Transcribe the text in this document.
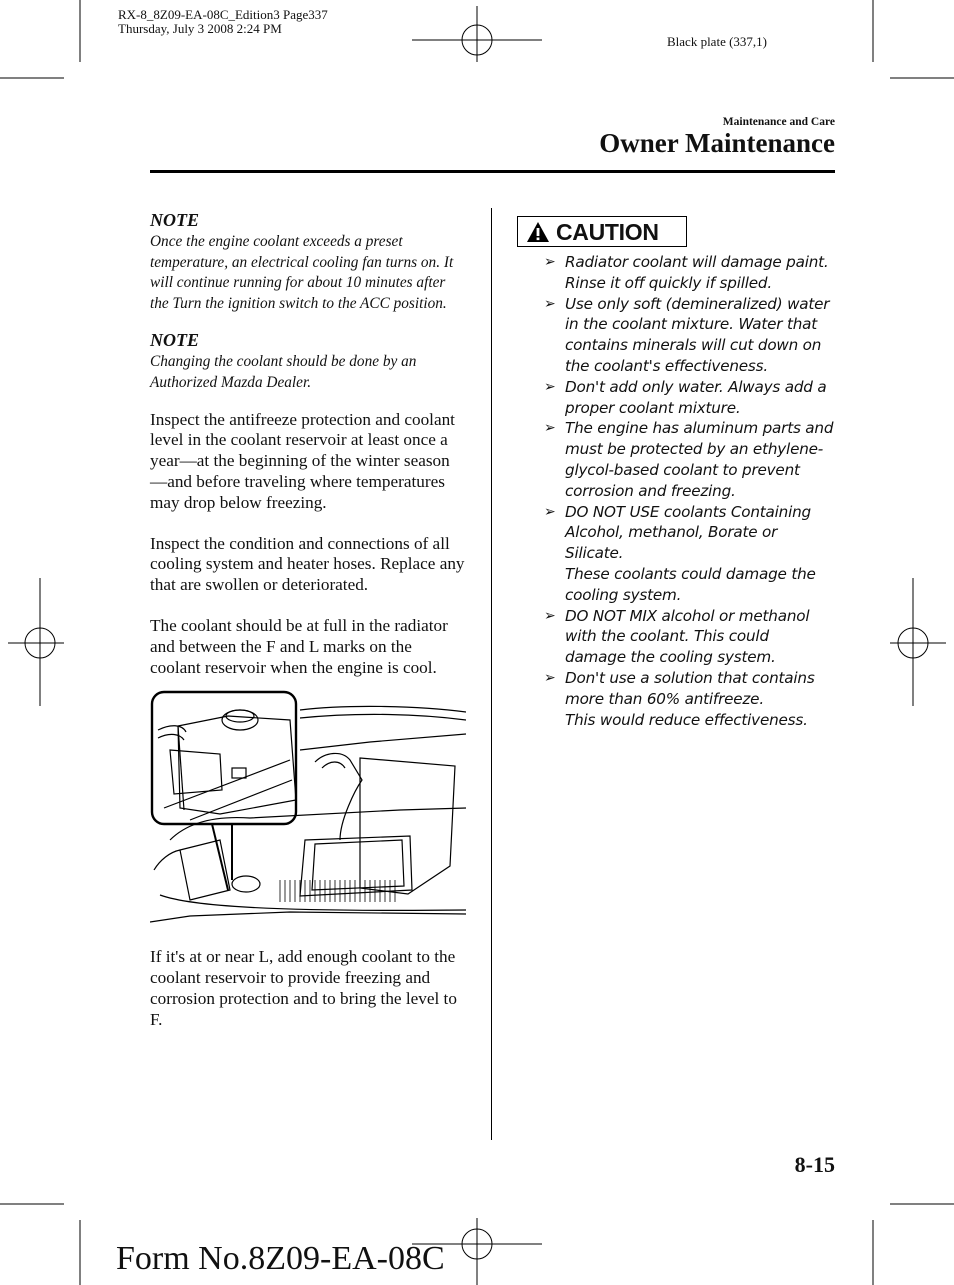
RX-8_8Z09-EA-08C_Edition3 Page337
Thursday, July 3 2008 2:24 PM
Black plate (337,1)
Maintenance and Care
Owner Maintenance

NOTE

Once the engine coolant exceeds a preset temperature, an electrical cooling fan turns on. It will continue running for about 10 minutes after the Turn the ignition switch to the ACC position.

NOTE

Changing the coolant should be done by an Authorized Mazda Dealer.

Inspect the antifreeze protection and coolant level in the coolant reservoir at least once a year—at the beginning of the winter season—and before traveling where temperatures may drop below freezing.

Inspect the condition and connections of all cooling system and heater hoses. Replace any that are swollen or deteriorated.

The coolant should be at full in the radiator and between the F and L marks on the coolant reservoir when the engine is cool.

If it's at or near L, add enough coolant to the coolant reservoir to provide freezing and corrosion protection and to bring the level to F.

CAUTION
➢ Radiator coolant will damage paint.
Rinse it off quickly if spilled.
➢ Use only soft (demineralized) water in the coolant mixture. Water that contains minerals will cut down on the coolant's effectiveness.
➢ Don't add only water. Always add a proper coolant mixture.
➢ The engine has aluminum parts and must be protected by an ethylene-glycol-based coolant to prevent corrosion and freezing.
➢ DO NOT USE coolants Containing Alcohol, methanol, Borate or Silicate.
These coolants could damage the cooling system.
➢ DO NOT MIX alcohol or methanol with the coolant. This could damage the cooling system.
➢ Don't use a solution that contains more than 60% antifreeze.
This would reduce effectiveness.
8-15
Form No.8Z09-EA-08C
